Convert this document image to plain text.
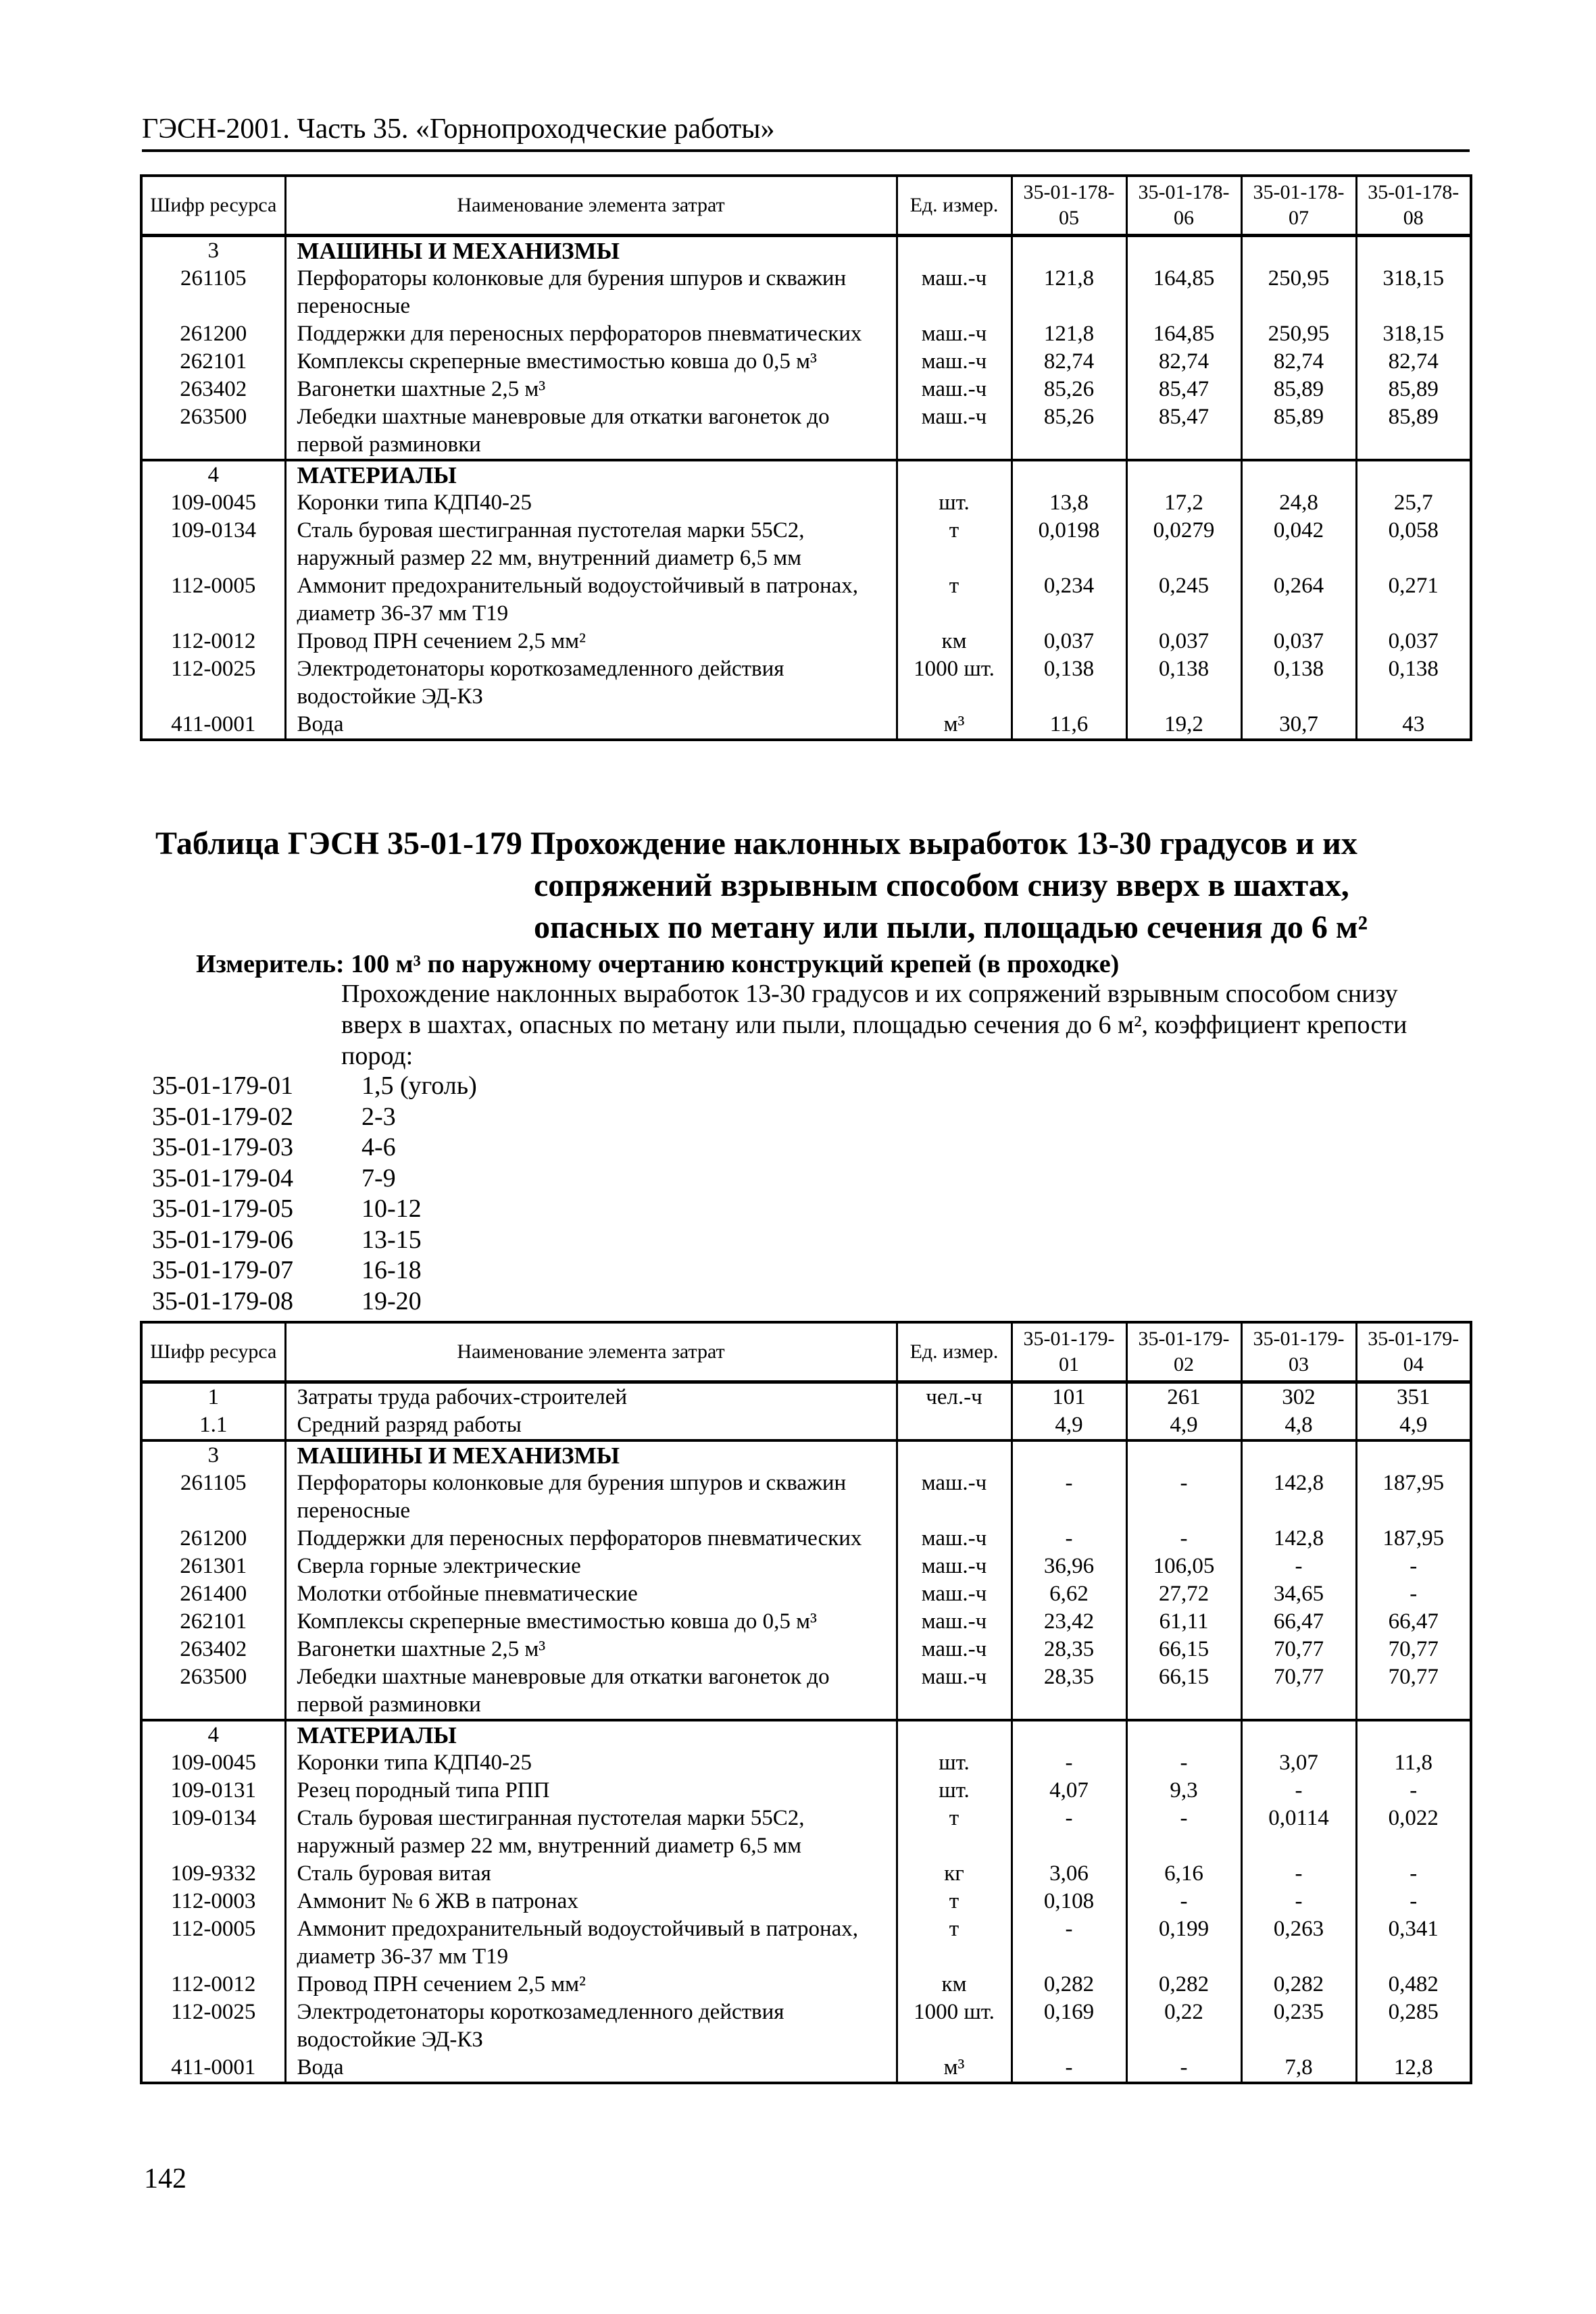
ГЭСН-2001. Часть 35. «Горнопроходческие работы»
Шифр ресурса	Наименование элемента затрат	Ед. измер.	35-01-178-05	35-01-178-06	35-01-178-07	35-01-178-08
3	МАШИНЫ И МЕХАНИЗМЫ					
261105	Перфораторы колонковые для бурения шпуров и скважин переносные	маш.-ч	121,8	164,85	250,95	318,15
261200	Поддержки для переносных перфораторов пневматических	маш.-ч	121,8	164,85	250,95	318,15
262101	Комплексы скреперные вместимостью ковша до 0,5 м³	маш.-ч	82,74	82,74	82,74	82,74
263402	Вагонетки шахтные 2,5 м³	маш.-ч	85,26	85,47	85,89	85,89
263500	Лебедки шахтные маневровые для откатки вагонеток до первой разминовки	маш.-ч	85,26	85,47	85,89	85,89
4	МАТЕРИАЛЫ					
109-0045	Коронки типа КДП40-25	шт.	13,8	17,2	24,8	25,7
109-0134	Сталь буровая шестигранная пустотелая марки 55С2, наружный размер 22 мм, внутренний диаметр 6,5 мм	т	0,0198	0,0279	0,042	0,058
112-0005	Аммонит предохранительный водоустойчивый в патронах, диаметр 36-37 мм Т19	т	0,234	0,245	0,264	0,271
112-0012	Провод ПРН сечением 2,5 мм²	км	0,037	0,037	0,037	0,037
112-0025	Электродетонаторы короткозамедленного действия водостойкие ЭД-КЗ	1000 шт.	0,138	0,138	0,138	0,138
411-0001	Вода	м³	11,6	19,2	30,7	43
Таблица ГЭСН 35-01-179 Прохождение наклонных выработок 13-30 градусов и их
сопряжений взрывным способом снизу вверх в шахтах,
опасных по метану или пыли, площадью сечения до 6 м²
Измеритель: 100 м³ по наружному очертанию конструкций крепей (в проходке)
Прохождение наклонных выработок 13-30 градусов и их сопряжений взрывным способом снизу вверх в шахтах, опасных по метану или пыли, площадью сечения до 6 м², коэффициент крепости пород:
35-01-179-01	1,5 (уголь)
35-01-179-02	2-3
35-01-179-03	4-6
35-01-179-04	7-9
35-01-179-05	10-12
35-01-179-06	13-15
35-01-179-07	16-18
35-01-179-08	19-20
Шифр ресурса	Наименование элемента затрат	Ед. измер.	35-01-179-01	35-01-179-02	35-01-179-03	35-01-179-04
1	Затраты труда рабочих-строителей	чел.-ч	101	261	302	351
1.1	Средний разряд работы		4,9	4,9	4,8	4,9
3	МАШИНЫ И МЕХАНИЗМЫ					
261105	Перфораторы колонковые для бурения шпуров и скважин переносные	маш.-ч	-	-	142,8	187,95
261200	Поддержки для переносных перфораторов пневматических	маш.-ч	-	-	142,8	187,95
261301	Сверла горные электрические	маш.-ч	36,96	106,05	-	-
261400	Молотки отбойные пневматические	маш.-ч	6,62	27,72	34,65	-
262101	Комплексы скреперные вместимостью ковша до 0,5 м³	маш.-ч	23,42	61,11	66,47	66,47
263402	Вагонетки шахтные 2,5 м³	маш.-ч	28,35	66,15	70,77	70,77
263500	Лебедки шахтные маневровые для откатки вагонеток до первой разминовки	маш.-ч	28,35	66,15	70,77	70,77
4	МАТЕРИАЛЫ					
109-0045	Коронки типа КДП40-25	шт.	-	-	3,07	11,8
109-0131	Резец породный типа РПП	шт.	4,07	9,3	-	-
109-0134	Сталь буровая шестигранная пустотелая марки 55С2, наружный размер 22 мм, внутренний диаметр 6,5 мм	т	-	-	0,0114	0,022
109-9332	Сталь буровая витая	кг	3,06	6,16	-	-
112-0003	Аммонит № 6 ЖВ в патронах	т	0,108	-	-	-
112-0005	Аммонит предохранительный водоустойчивый в патронах, диаметр 36-37 мм Т19	т	-	0,199	0,263	0,341
112-0012	Провод ПРН сечением 2,5 мм²	км	0,282	0,282	0,282	0,482
112-0025	Электродетонаторы короткозамедленного действия водостойкие ЭД-КЗ	1000 шт.	0,169	0,22	0,235	0,285
411-0001	Вода	м³	-	-	7,8	12,8
142
